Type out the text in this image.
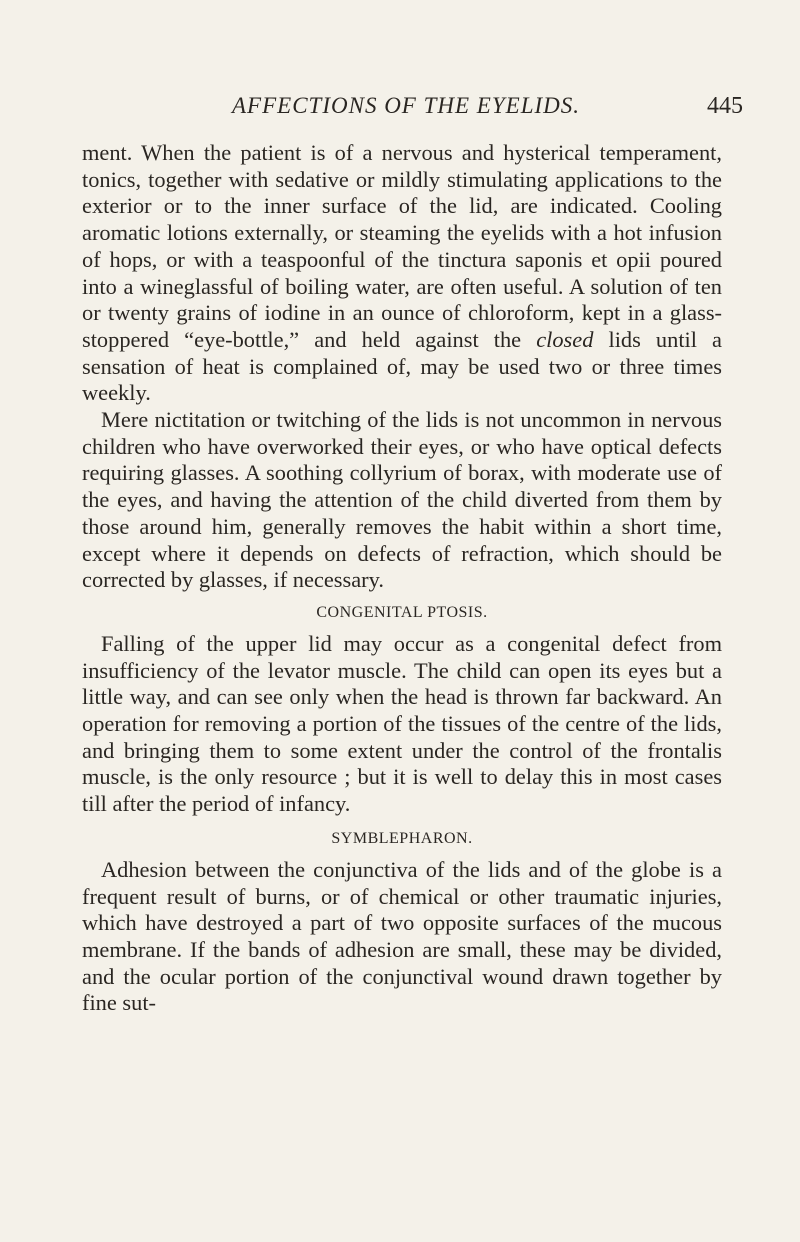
AFFECTIONS OF THE EYELIDS.	445

ment. When the patient is of a nervous and hysterical temperament, tonics, together with sedative or mildly stimulating applications to the exterior or to the inner surface of the lid, are indicated. Cooling aromatic lotions externally, or steaming the eyelids with a hot infusion of hops, or with a teaspoonful of the tinctura saponis et opii poured into a wineglassful of boiling water, are often useful. A solution of ten or twenty grains of iodine in an ounce of chloroform, kept in a glass-stoppered “eye-bottle,” and held against the closed lids until a sensation of heat is complained of, may be used two or three times weekly.

Mere nictitation or twitching of the lids is not uncommon in nervous children who have overworked their eyes, or who have optical defects requiring glasses. A soothing collyrium of borax, with moderate use of the eyes, and having the attention of the child diverted from them by those around him, generally removes the habit within a short time, except where it depends on defects of refraction, which should be corrected by glasses, if necessary.

CONGENITAL PTOSIS.

Falling of the upper lid may occur as a congenital defect from insufficiency of the levator muscle. The child can open its eyes but a little way, and can see only when the head is thrown far backward. An operation for removing a portion of the tissues of the centre of the lids, and bringing them to some extent under the control of the frontalis muscle, is the only resource ; but it is well to delay this in most cases till after the period of infancy.

SYMBLEPHARON.

Adhesion between the conjunctiva of the lids and of the globe is a frequent result of burns, or of chemical or other traumatic injuries, which have destroyed a part of two opposite surfaces of the mucous membrane. If the bands of adhesion are small, these may be divided, and the ocular portion of the conjunctival wound drawn together by fine sut-
